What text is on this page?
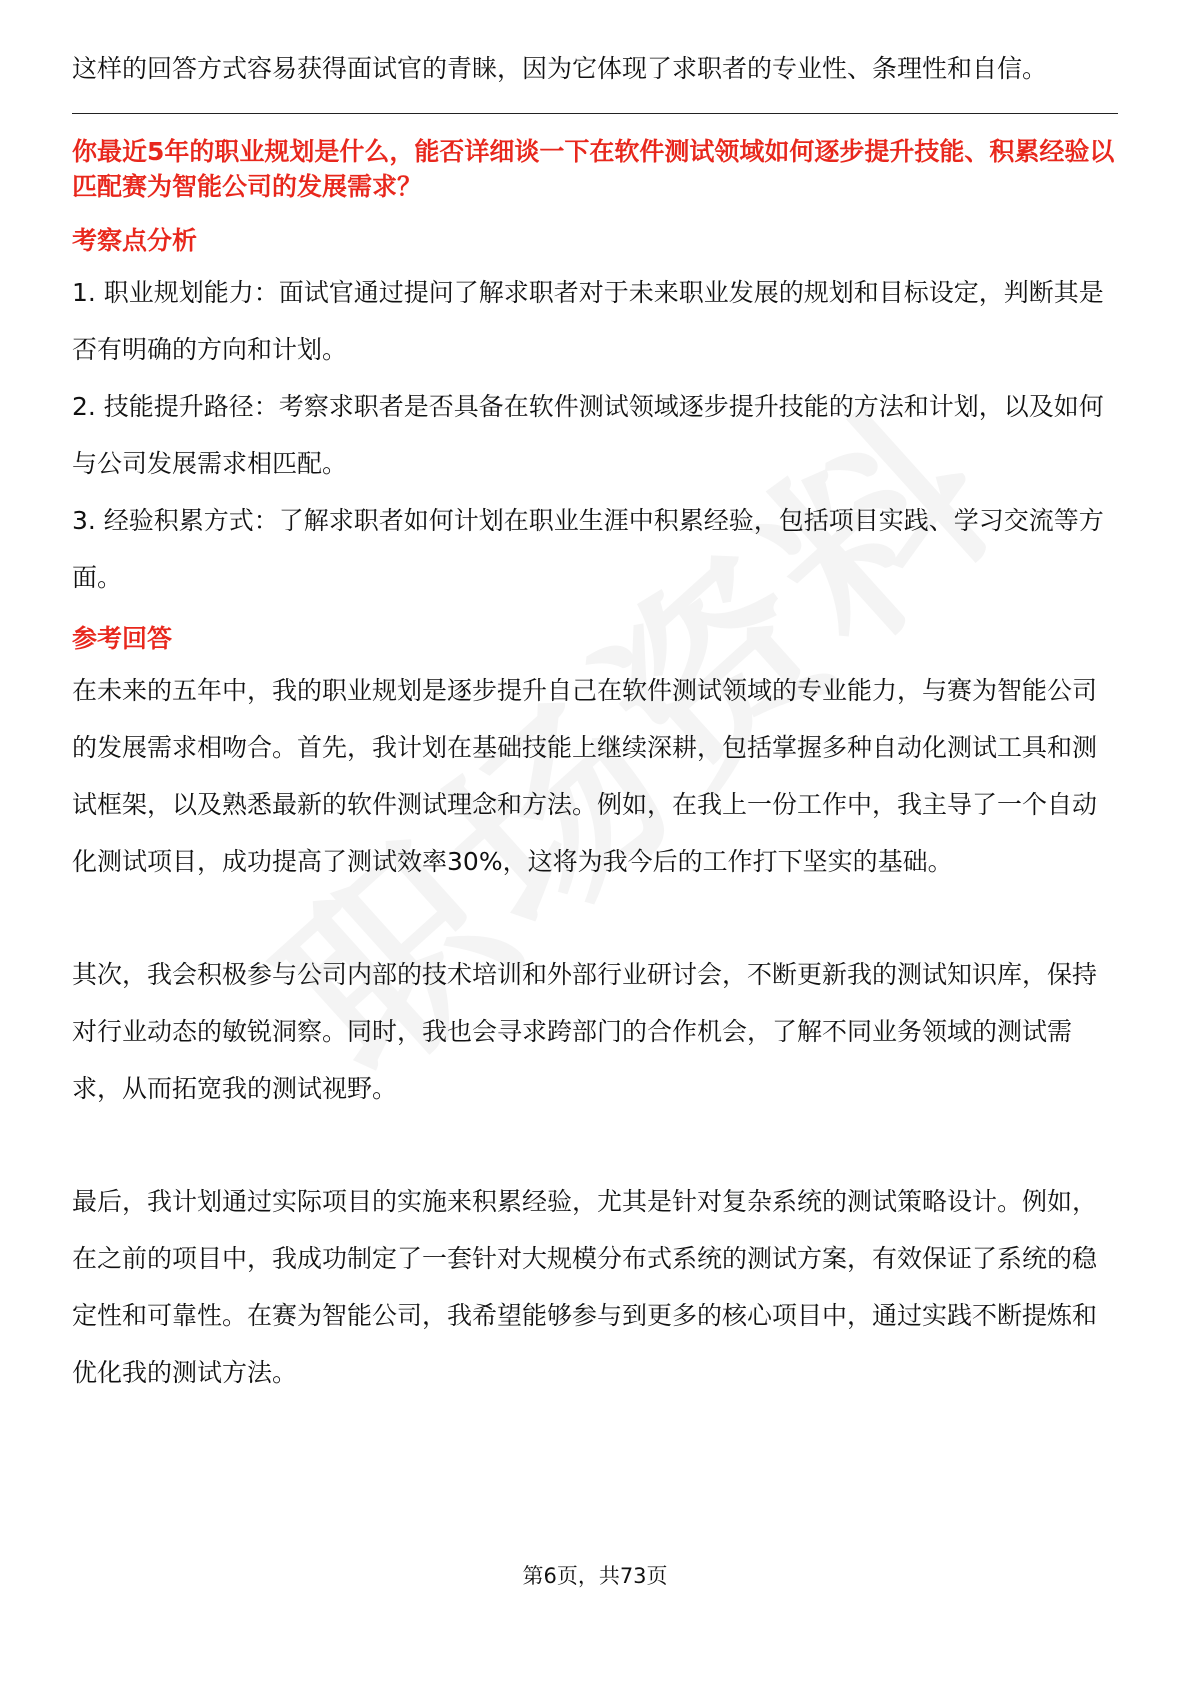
这样的回答方式容易获得面试官的青睐，因为它体现了求职者的专业性、条理性和自信。

你最近5年的职业规划是什么，能否详细谈一下在软件测试领域如何逐步提升技能、积累经验以匹配赛为智能公司的发展需求？

考察点分析
1. 职业规划能力：面试官通过提问了解求职者对于未来职业发展的规划和目标设定，判断其是否有明确的方向和计划。
2. 技能提升路径：考察求职者是否具备在软件测试领域逐步提升技能的方法和计划，以及如何与公司发展需求相匹配。
3. 经验积累方式：了解求职者如何计划在职业生涯中积累经验，包括项目实践、学习交流等方面。
参考回答

在未来的五年中，我的职业规划是逐步提升自己在软件测试领域的专业能力，与赛为智能公司的发展需求相吻合。首先，我计划在基础技能上继续深耕，包括掌握多种自动化测试工具和测试框架，以及熟悉最新的软件测试理念和方法。例如，在我上一份工作中，我主导了一个自动化测试项目，成功提高了测试效率30%，这将为我今后的工作打下坚实的基础。

其次，我会积极参与公司内部的技术培训和外部行业研讨会，不断更新我的测试知识库，保持对行业动态的敏锐洞察。同时，我也会寻求跨部门的合作机会，了解不同业务领域的测试需求，从而拓宽我的测试视野。

最后，我计划通过实际项目的实施来积累经验，尤其是针对复杂系统的测试策略设计。例如，在之前的项目中，我成功制定了一套针对大规模分布式系统的测试方案，有效保证了系统的稳定性和可靠性。在赛为智能公司，我希望能够参与到更多的核心项目中，通过实践不断提炼和优化我的测试方法。

第6页，共73页
